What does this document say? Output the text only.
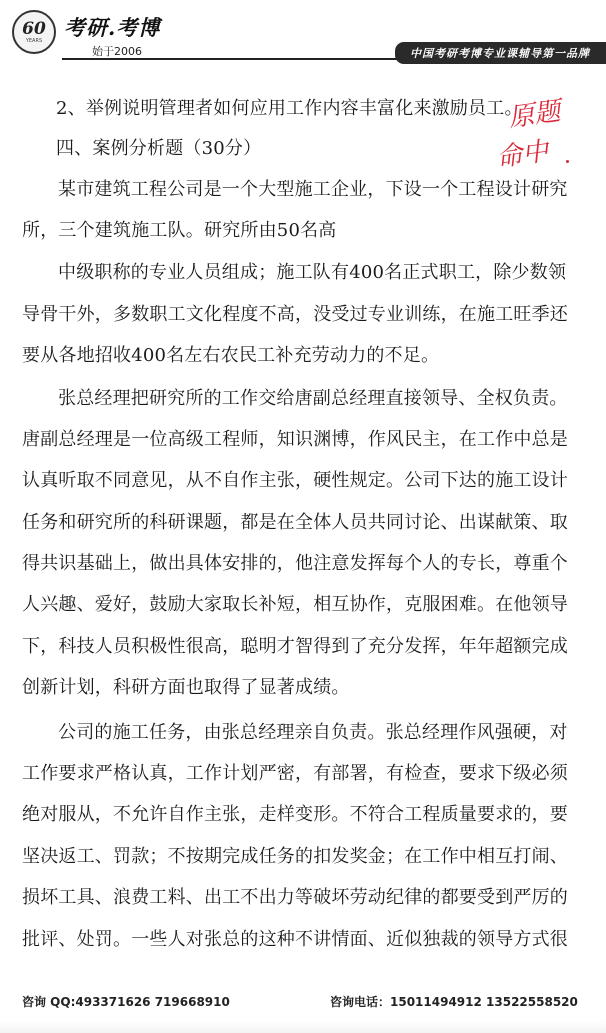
60
YEARS
考研.考博
始于2006	中国考研考博专业课辅导第一品牌
2、举例说明管理者如何应用工作内容丰富化来激励员工。
四、案例分析题（30分）
某市建筑工程公司是一个大型施工企业，下设一个工程设计研究
所，三个建筑施工队。研究所由50名高
中级职称的专业人员组成；施工队有400名正式职工，除少数领
导骨干外，多数职工文化程度不高，没受过专业训练，在施工旺季还
要从各地招收400名左右农民工补充劳动力的不足。
张总经理把研究所的工作交给唐副总经理直接领导、全权负责。
唐副总经理是一位高级工程师，知识渊博，作风民主，在工作中总是
认真听取不同意见，从不自作主张，硬性规定。公司下达的施工设计
任务和研究所的科研课题，都是在全体人员共同讨论、出谋献策、取
得共识基础上，做出具体安排的，他注意发挥每个人的专长，尊重个
人兴趣、爱好，鼓励大家取长补短，相互协作，克服困难。在他领导
下，科技人员积极性很高，聪明才智得到了充分发挥，年年超额完成
创新计划，科研方面也取得了显著成绩。
公司的施工任务，由张总经理亲自负责。张总经理作风强硬，对
工作要求严格认真，工作计划严密，有部署，有检查，要求下级必须
绝对服从，不允许自作主张，走样变形。不符合工程质量要求的，要
坚决返工、罚款；不按期完成任务的扣发奖金；在工作中相互打闹、
损坏工具、浪费工料、出工不出力等破坏劳动纪律的都要受到严厉的
批评、处罚。一些人对张总的这种不讲情面、近似独裁的领导方式很
原题
命中
咨询 QQ:493371626 719668910	咨询电话：15011494912 13522558520
